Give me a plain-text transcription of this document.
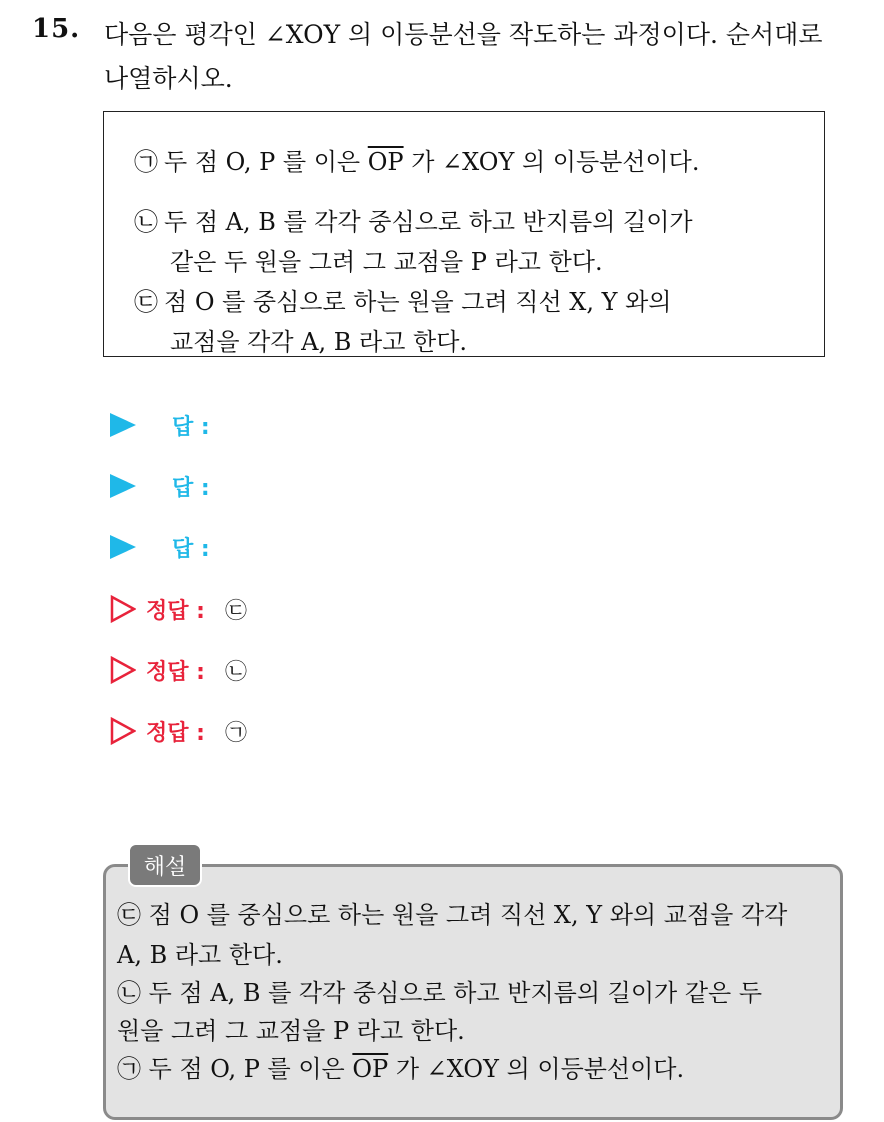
15. 다음은 평각인 ∠XOY 의 이등분선을 작도하는 과정이다. 순서대로
나열하시오.
㉠ 두 점 O, P 를 이은 $\overline{OP}$ 가 ∠XOY 의 이등분선이다.
㉡ 두 점 A, B 를 각각 중심으로 하고 반지름의 길이가
같은 두 원을 그려 그 교점을 P 라고 한다.
㉢ 점 O 를 중심으로 하는 원을 그려 직선 X, Y 와의
교점을 각각 A, B 라고 한다.
답 :
답 :
답 :
정답 : ㉢
정답 : ㉡
정답 : ㉠
해설
㉢ 점 O 를 중심으로 하는 원을 그려 직선 X, Y 와의 교점을 각각
A, B 라고 한다.
㉡ 두 점 A, B 를 각각 중심으로 하고 반지름의 길이가 같은 두
원을 그려 그 교점을 P 라고 한다.
㉠ 두 점 O, P 를 이은 $\overline{OP}$ 가 ∠XOY 의 이등분선이다.
